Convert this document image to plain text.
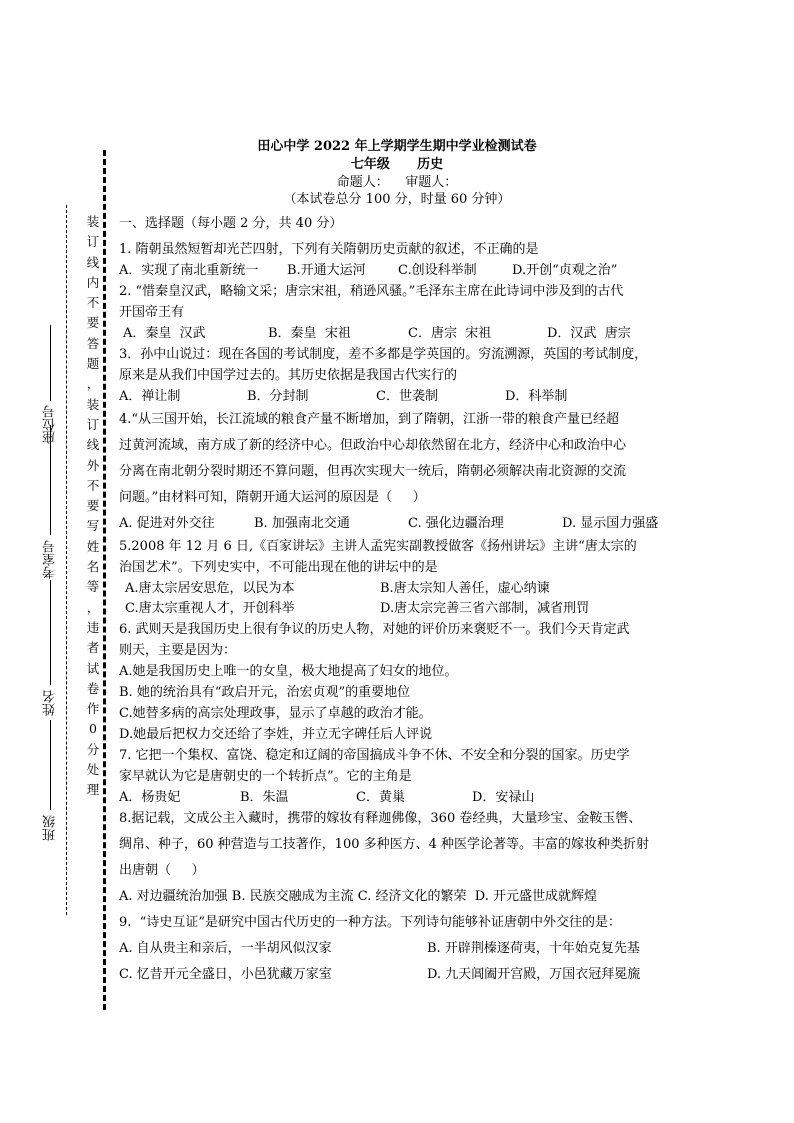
装
订
线
内
不
要
答
题
，
装
订
线
外
不
要
写
姓
名
等
，
违
者
试
卷
作
0
分
处
理
座位号
考室号
姓名
班级
田心中学 2022 年上学期学生期中学业检测试卷
七年级      历史
命题人：    审题人：
（本试卷总分 100 分，时量 60 分钟）
一、选择题（每小题 2 分，共 40 分）
1. 隋朝虽然短暂却光芒四射，下列有关隋朝历史贡献的叙述，不正确的是
A．实现了南北重新统一 B.开通大运河 C.创设科举制	D.开创“贞观之治”
2. “惜秦皇汉武，略输文采；唐宗宋祖，稍逊风骚。”毛泽东主席在此诗词中涉及到的古代
开国帝王有
A．秦皇  汉武	B．秦皇  宋祖	C．唐宗  宋祖	D．汉武  唐宗
3．孙中山说过：现在各国的考试制度，差不多都是学英国的。穷流溯源，英国的考试制度，
原来是从我们中国学过去的。其历史依据是我国古代实行的
A．禅让制	B．分封制	C．世袭制	D．科举制
4.“从三国开始，长江流域的粮食产量不断增加，到了隋朝，江浙一带的粮食产量已经超
过黄河流域，南方成了新的经济中心。但政治中心却依然留在北方，经济中心和政治中心
分离在南北朝分裂时期还不算问题，但再次实现大一统后，隋朝必须解决南北资源的交流
问题。”由材料可知，隋朝开通大运河的原因是（     ）
A. 促进对外交往	B. 加强南北交通	C. 强化边疆治理	D. 显示国力强盛
5.2008 年 12 月 6 日,《百家讲坛》主讲人孟宪实副教授做客《扬州讲坛》主讲“唐太宗的
治国艺术”。下列史实中，不可能出现在他的讲坛中的是
A.唐太宗居安思危，以民为本	B.唐太宗知人善任，虚心纳谏
C.唐太宗重视人才，开创科举	D.唐太宗完善三省六部制，减省刑罚
6. 武则天是我国历史上很有争议的历史人物，对她的评价历来褒贬不一。我们今天肯定武
则天，主要是因为：
A.她是我国历史上唯一的女皇，极大地提高了妇女的地位。
B. 她的统治具有“政启开元，治宏贞观”的重要地位
C.她替多病的高宗处理政事，显示了卓越的政治才能。
D.她最后把权力交还给了李姓，并立无字碑任后人评说
7. 它把一个集权、富饶、稳定和辽阔的帝国搞成斗争不休、不安全和分裂的国家。历史学
家早就认为它是唐朝史的一个转折点”。它的主角是
A．杨贵妃	B．朱温	C．黄巢	D．安禄山
8.据记载，文成公主入藏时，携带的嫁妆有释迦佛像，360 卷经典，大量珍宝、金鞍玉辔、
绸帛、种子，60 种营造与工技著作，100 多种医方、4 种医学论著等。丰富的嫁妆种类折射
出唐朝（     ）
A. 对边疆统治加强 B. 民族交融成为主流 C. 经济文化的繁荣  D. 开元盛世成就辉煌
9.  “诗史互证”是研究中国古代历史的一种方法。下列诗句能够补证唐朝中外交往的是：
A. 自从贵主和亲后，一半胡风似汉家	B. 开辟荆榛逐荷夷，十年始克复先基
C. 忆昔开元全盛日，小邑犹藏万家室	D. 九天阊阖开宫殿，万国衣冠拜冕旒
